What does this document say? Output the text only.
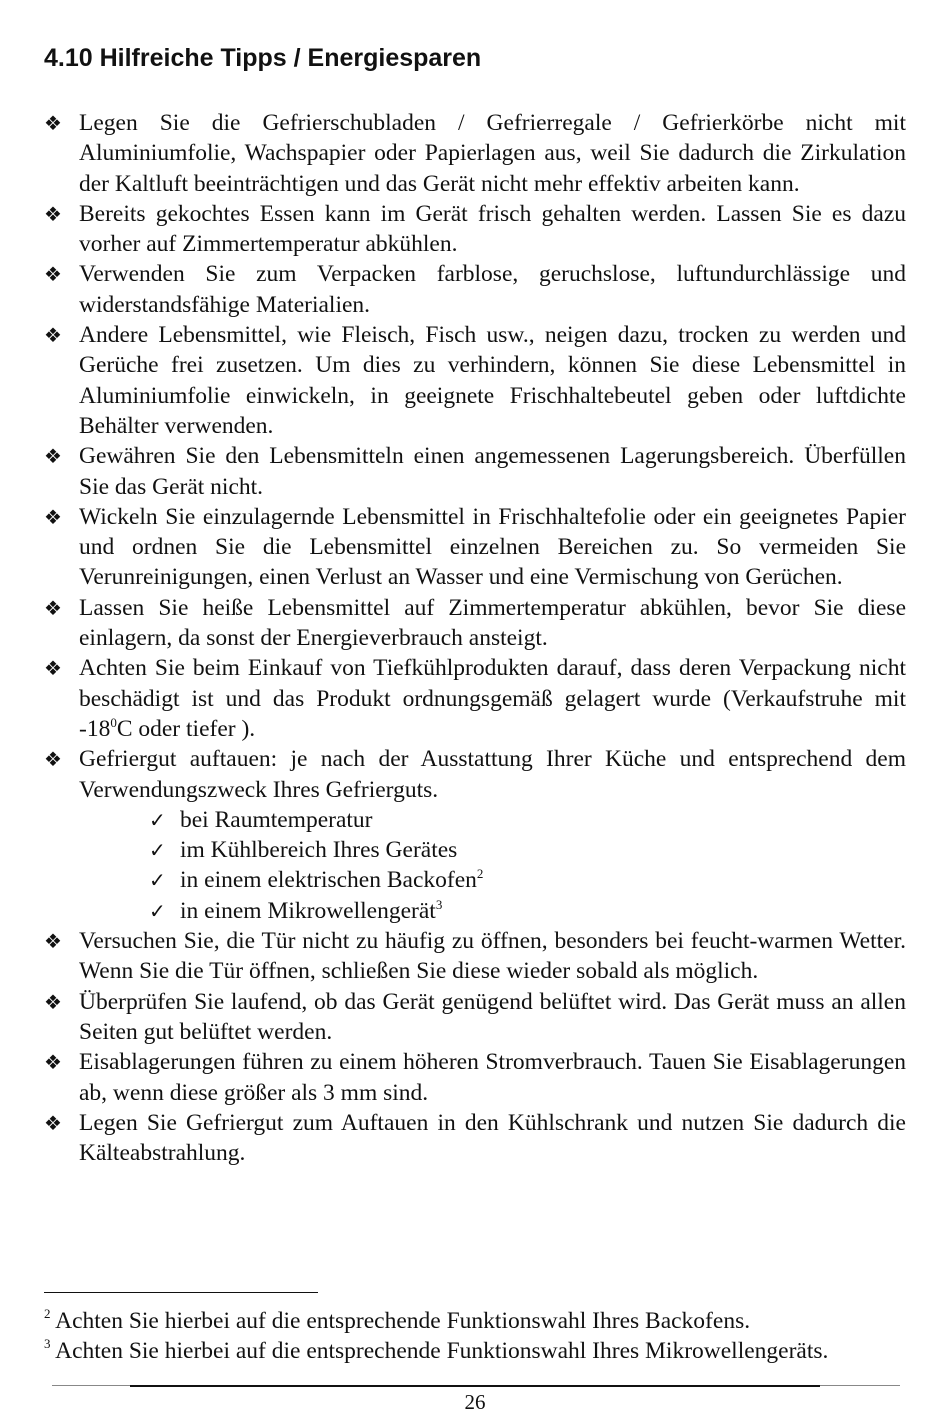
4.10 Hilfreiche Tipps / Energiesparen
❖ Legen Sie die Gefrierschubladen / Gefrierregale / Gefrierkörbe nicht mit Aluminiumfolie, Wachspapier oder Papierlagen aus, weil Sie dadurch die Zirkulation der Kaltluft beeinträchtigen und das Gerät nicht mehr effektiv arbeiten kann.
❖ Bereits gekochtes Essen kann im Gerät frisch gehalten werden. Lassen Sie es dazu vorher auf Zimmertemperatur abkühlen.
❖ Verwenden Sie zum Verpacken farblose, geruchslose, luftundurchlässige und widerstandsfähige Materialien.
❖ Andere Lebensmittel, wie Fleisch, Fisch usw., neigen dazu, trocken zu werden und Gerüche frei zusetzen. Um dies zu verhindern, können Sie diese Lebensmittel in Aluminiumfolie einwickeln, in geeignete Frischhaltebeutel geben oder luftdichte Behälter verwenden.
❖ Gewähren Sie den Lebensmitteln einen angemessenen Lagerungsbereich. Überfüllen Sie das Gerät nicht.
❖ Wickeln Sie einzulagernde Lebensmittel in Frischhaltefolie oder ein geeignetes Papier und ordnen Sie die Lebensmittel einzelnen Bereichen zu. So vermeiden Sie Verunreinigungen, einen Verlust an Wasser und eine Vermischung von Gerüchen.
❖ Lassen Sie heiße Lebensmittel auf Zimmertemperatur abkühlen, bevor Sie diese einlagern, da sonst der Energieverbrauch ansteigt.
❖ Achten Sie beim Einkauf von Tiefkühlprodukten darauf, dass deren Verpackung nicht beschädigt ist und das Produkt ordnungsgemäß gelagert wurde (Verkaufstruhe mit $-18^0C$ oder tiefer ).
❖ Gefriergut auftauen: je nach der Ausstattung Ihrer Küche und entsprechend dem Verwendungszweck Ihres Gefrierguts.
✓ bei Raumtemperatur
✓ im Kühlbereich Ihres Gerätes
✓ in einem elektrischen Backofen$^2$
✓ in einem Mikrowellengerät$^3$
❖ Versuchen Sie, die Tür nicht zu häufig zu öffnen, besonders bei feucht-warmen Wetter. Wenn Sie die Tür öffnen, schließen Sie diese wieder sobald als möglich.
❖ Überprüfen Sie laufend, ob das Gerät genügend belüftet wird. Das Gerät muss an allen Seiten gut belüftet werden.
❖ Eisablagerungen führen zu einem höheren Stromverbrauch. Tauen Sie Eisablagerungen ab, wenn diese größer als 3 mm sind.
❖ Legen Sie Gefriergut zum Auftauen in den Kühlschrank und nutzen Sie dadurch die Kälteabstrahlung.
$^2$ Achten Sie hierbei auf die entsprechende Funktionswahl Ihres Backofens.
$^3$ Achten Sie hierbei auf die entsprechende Funktionswahl Ihres Mikrowellengeräts.
26
